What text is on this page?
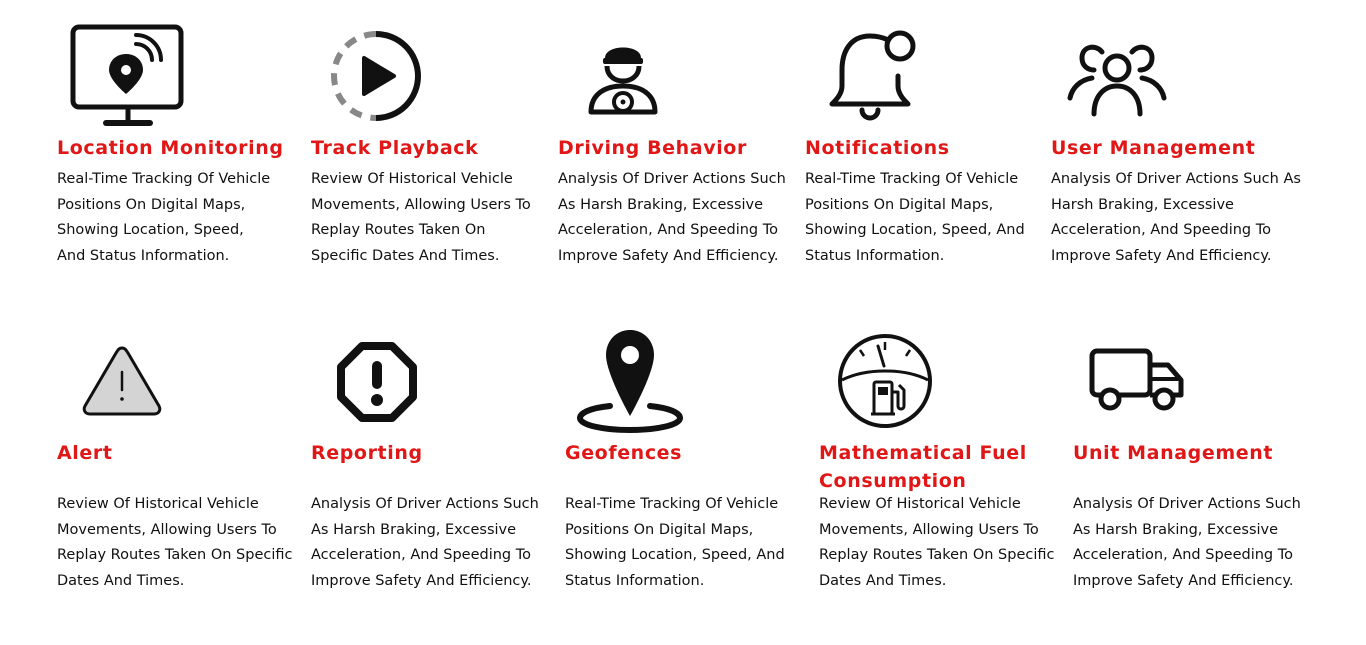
Location Monitoring

Real-Time Tracking Of Vehicle Positions On Digital Maps, Showing Location, Speed, And Status Information.

Track Playback

Review Of Historical Vehicle Movements, Allowing Users To Replay Routes Taken On Specific Dates And Times.

Driving Behavior

Analysis Of Driver Actions Such As Harsh Braking, Excessive Acceleration, And Speeding To Improve Safety And Efficiency.

Notifications

Real-Time Tracking Of Vehicle Positions On Digital Maps, Showing Location, Speed, And Status Information.

User Management

Analysis Of Driver Actions Such As Harsh Braking, Excessive Acceleration, And Speeding To Improve Safety And Efficiency.

Alert

Review Of Historical Vehicle Movements, Allowing Users To Replay Routes Taken On Specific Dates And Times.

Reporting

Analysis Of Driver Actions Such As Harsh Braking, Excessive Acceleration, And Speeding To Improve Safety And Efficiency.

Geofences

Real-Time Tracking Of Vehicle Positions On Digital Maps, Showing Location, Speed, And Status Information.

Mathematical Fuel Consumption

Review Of Historical Vehicle Movements, Allowing Users To Replay Routes Taken On Specific Dates And Times.

Unit Management

Analysis Of Driver Actions Such As Harsh Braking, Excessive Acceleration, And Speeding To Improve Safety And Efficiency.
